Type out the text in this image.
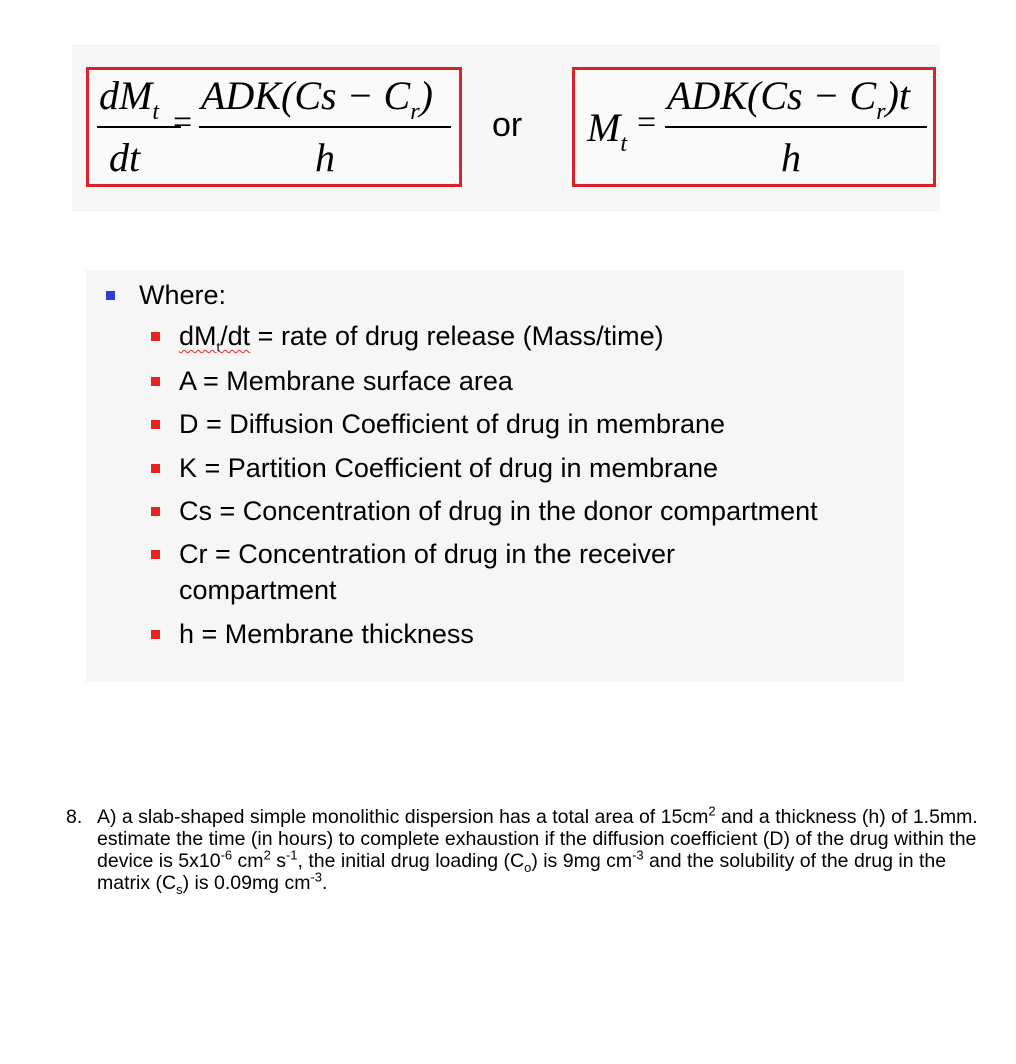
$dM_t$
dt
=
$ADK(Cs - C_r)$
h
or $M_t$
=
$ADK(Cs - C_r)t$
h
Where:
$dM_t/dt$ = rate of drug release (Mass/time)
A = Membrane surface area
D = Diffusion Coefficient of drug in membrane
K = Partition Coefficient of drug in membrane
Cs = Concentration of drug in the donor compartment
Cr = Concentration of drug in the receiver
compartment
h = Membrane thickness
8. A) a slab-shaped simple monolithic dispersion has a total area of $15cm^2$ and a thickness (h) of 1.5mm. estimate the time (in hours) to complete exhaustion if the diffusion coefficient (D) of the drug within the device is $5x10^{-6}$ $cm^2$ $s^{-1}$, the initial drug loading $(C_o)$ is 9mg $cm^{-3}$ and the solubility of the drug in the matrix $(C_s)$ is 0.09mg $cm^{-3}$.
